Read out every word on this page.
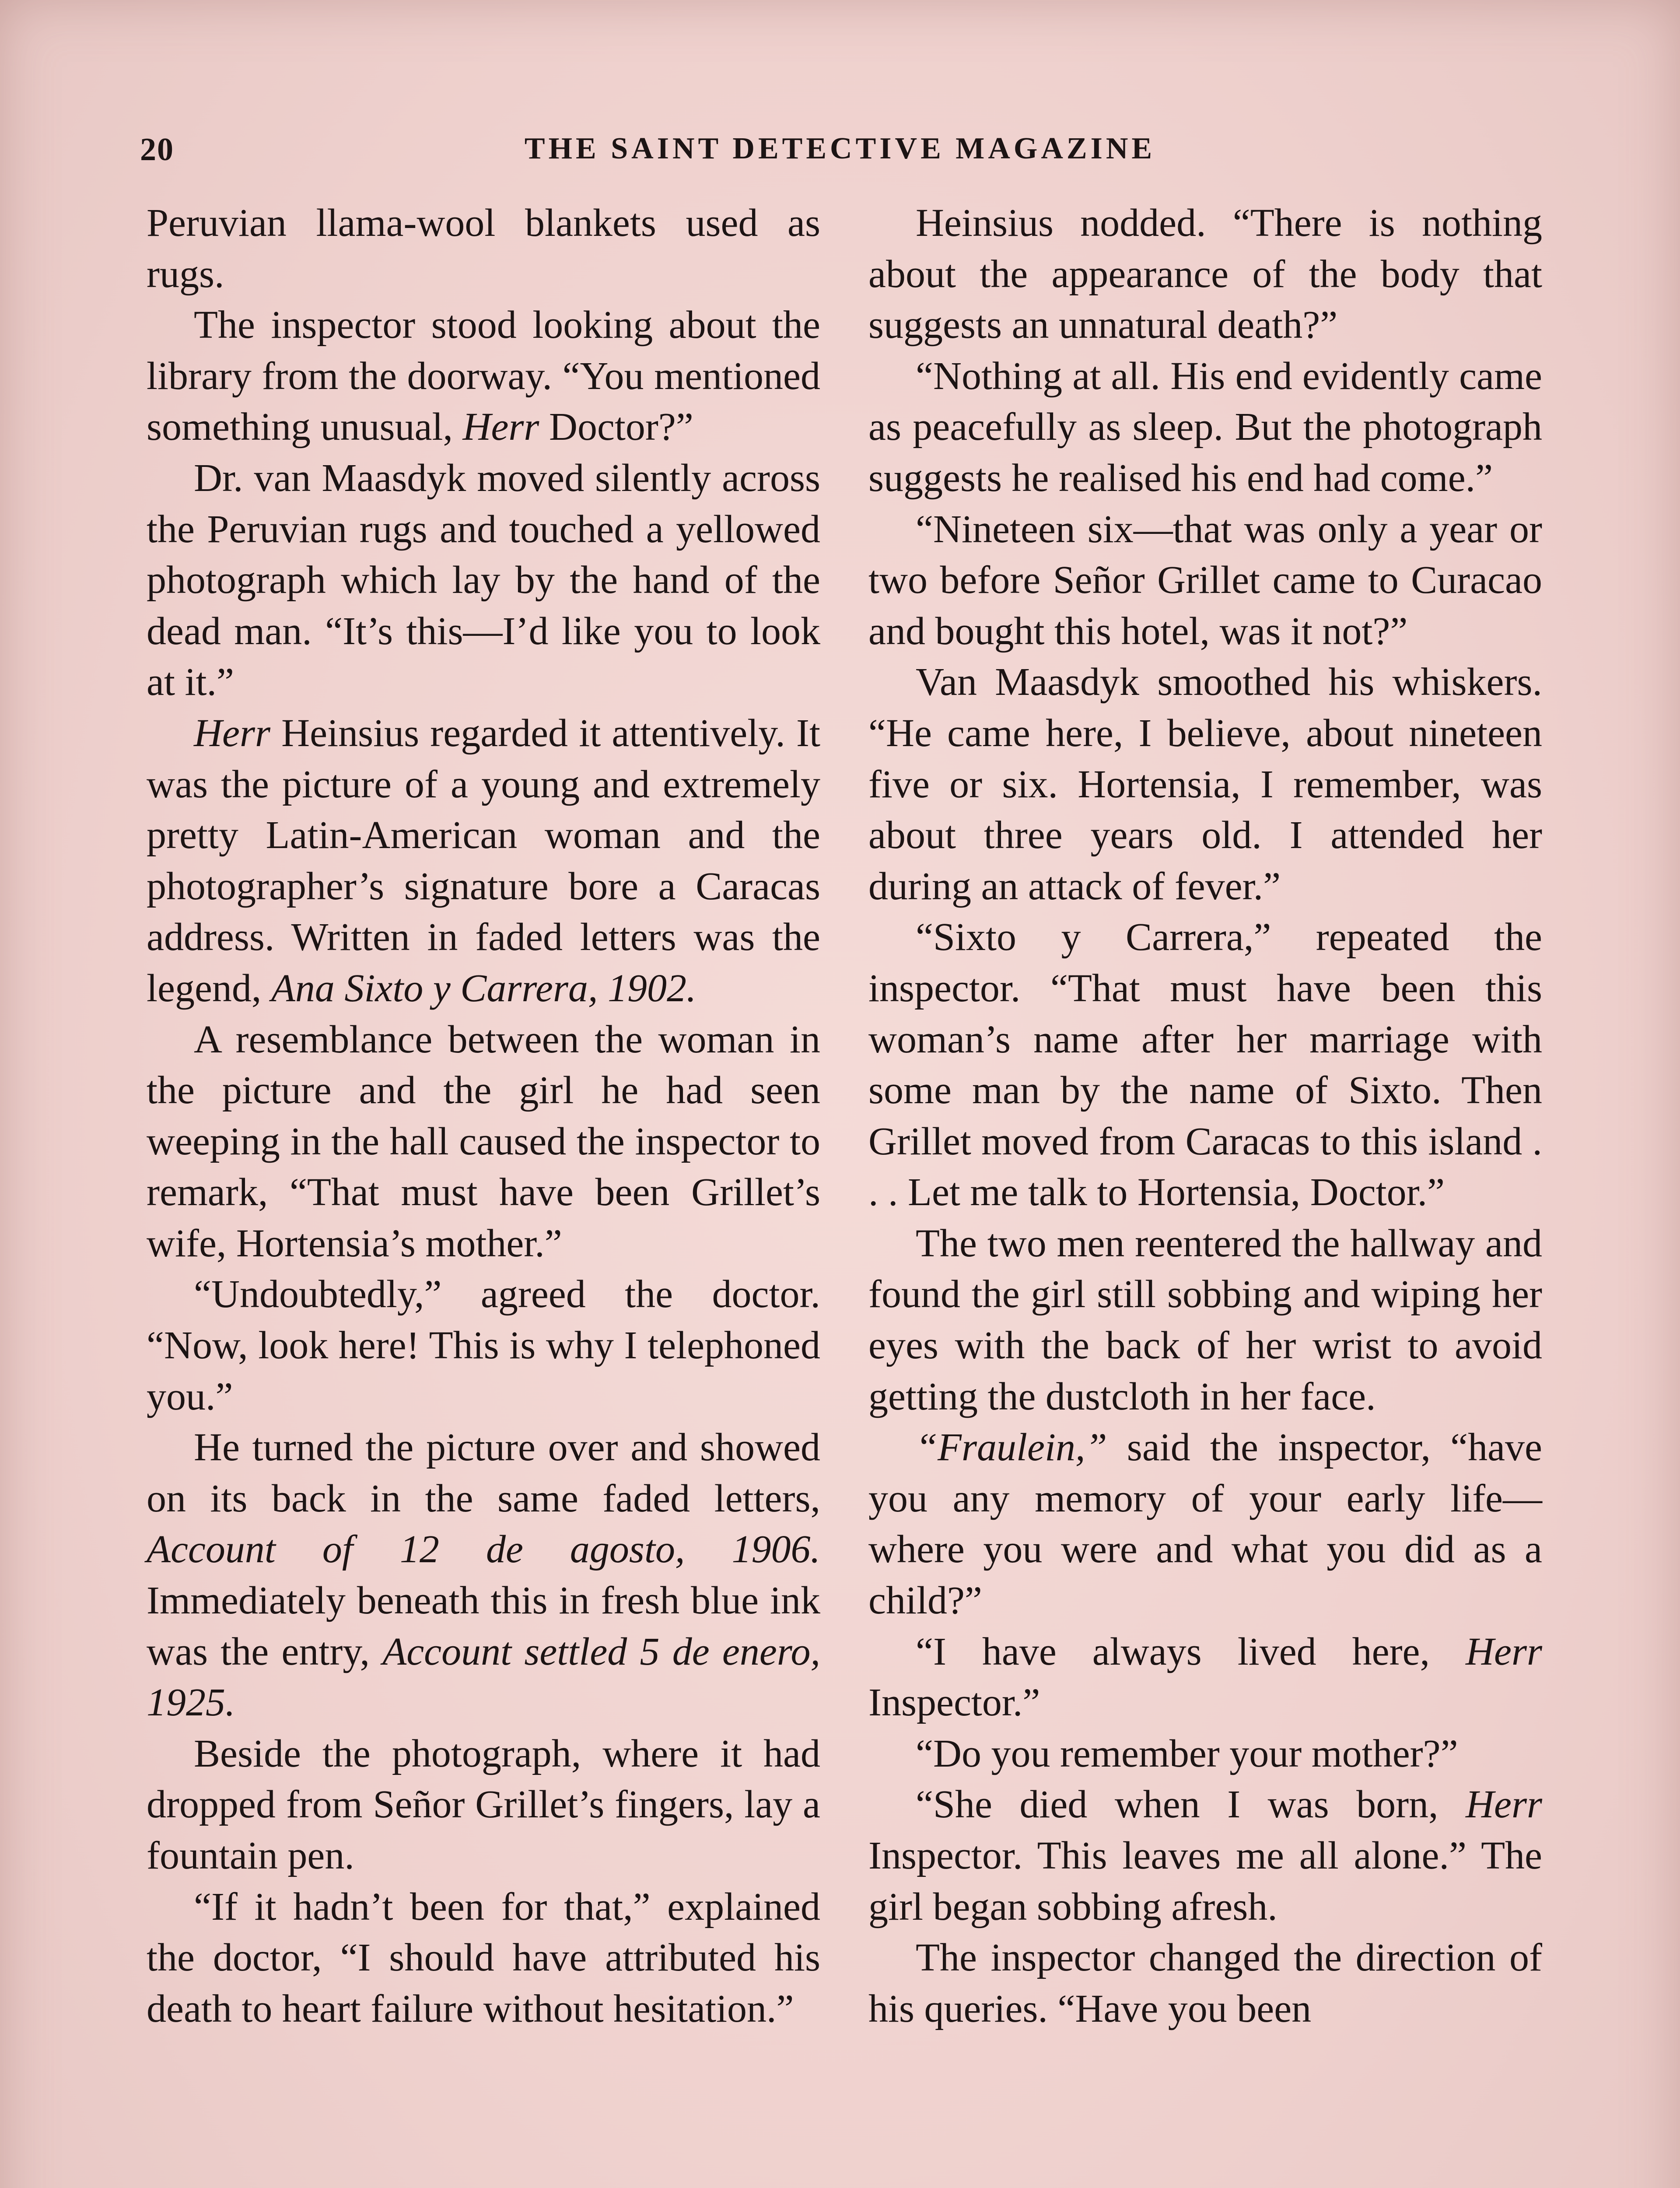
20	THE SAINT DETECTIVE MAGAZINE

Peruvian llama-wool blankets used as rugs.

The inspector stood looking about the library from the doorway. “You mentioned something unusual, Herr Doctor?”

Dr. van Maasdyk moved silently across the Peruvian rugs and touched a yellowed photograph which lay by the hand of the dead man. “It’s this—I’d like you to look at it.”

Herr Heinsius regarded it attentively. It was the picture of a young and extremely pretty Latin-American woman and the photographer’s signature bore a Caracas address. Written in faded letters was the legend, Ana Sixto y Carrera, 1902.

A resemblance between the woman in the picture and the girl he had seen weeping in the hall caused the inspector to remark, “That must have been Grillet’s wife, Hortensia’s mother.”

“Undoubtedly,” agreed the doctor. “Now, look here! This is why I telephoned you.”

He turned the picture over and showed on its back in the same faded letters, Account of 12 de agosto, 1906. Immediately beneath this in fresh blue ink was the entry, Account settled 5 de enero, 1925.

Beside the photograph, where it had dropped from Señor Grillet’s fingers, lay a fountain pen.

“If it hadn’t been for that,” explained the doctor, “I should have attributed his death to heart failure without hesitation.”

Heinsius nodded. “There is nothing about the appearance of the body that suggests an unnatural death?”

“Nothing at all. His end evidently came as peacefully as sleep. But the photograph suggests he realised his end had come.”

“Nineteen six—that was only a year or two before Señor Grillet came to Curacao and bought this hotel, was it not?”

Van Maasdyk smoothed his whiskers. “He came here, I believe, about nineteen five or six. Hortensia, I remember, was about three years old. I attended her during an attack of fever.”

“Sixto y Carrera,” repeated the inspector. “That must have been this woman’s name after her marriage with some man by the name of Sixto. Then Grillet moved from Caracas to this island . . . Let me talk to Hortensia, Doctor.”

The two men reentered the hallway and found the girl still sobbing and wiping her eyes with the back of her wrist to avoid getting the dustcloth in her face.

“Fraulein,” said the inspector, “have you any memory of your early life—where you were and what you did as a child?”

“I have always lived here, Herr Inspector.”

“Do you remember your mother?”

“She died when I was born, Herr Inspector. This leaves me all alone.” The girl began sobbing afresh.

The inspector changed the direction of his queries. “Have you been
